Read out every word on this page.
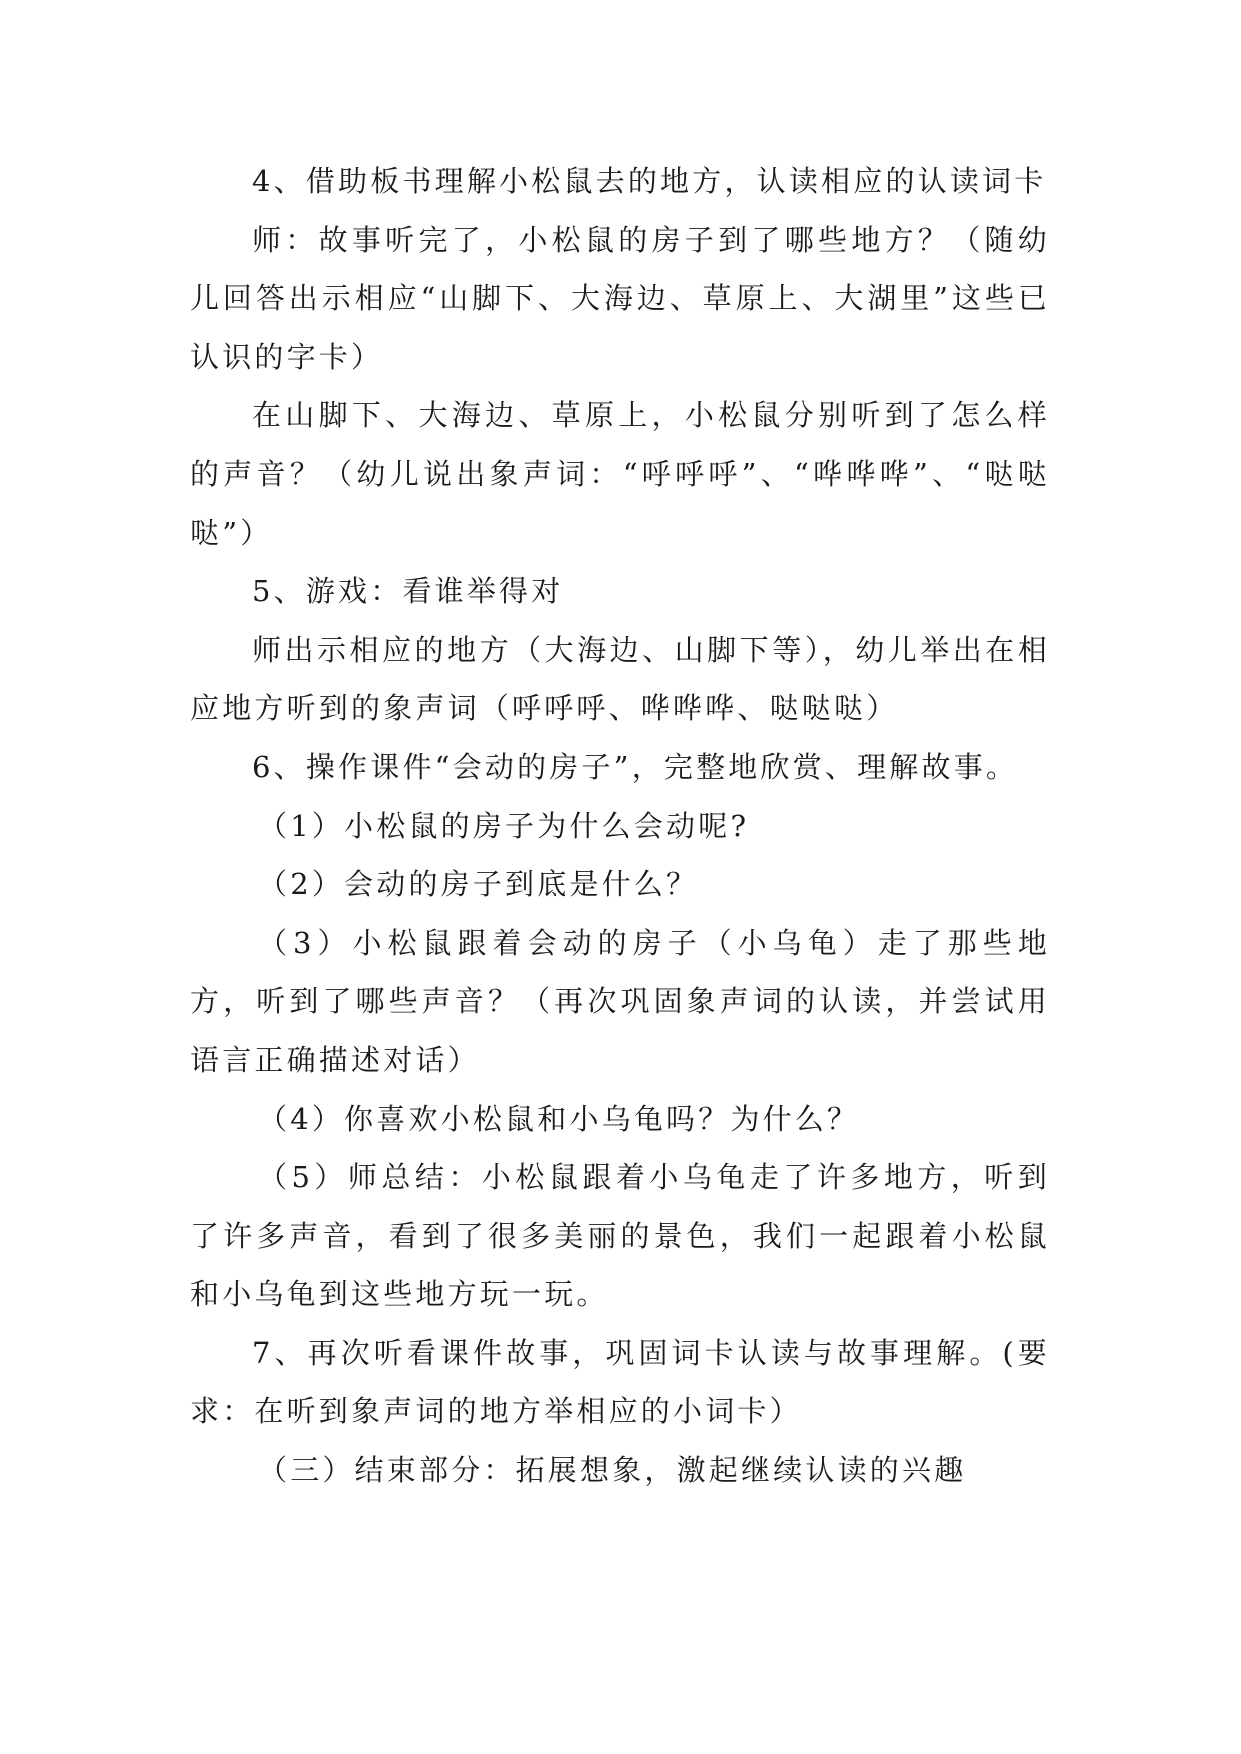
4、借助板书理解小松鼠去的地方，认读相应的认读词卡

师：故事听完了，小松鼠的房子到了哪些地方？（随幼儿回答出示相应“山脚下、大海边、草原上、大湖里”这些已认识的字卡）

在山脚下、大海边、草原上，小松鼠分别听到了怎么样的声音？（幼儿说出象声词：“呼呼呼”、“哗哗哗”、“哒哒哒”）

5、游戏：看谁举得对

师出示相应的地方（大海边、山脚下等），幼儿举出在相应地方听到的象声词（呼呼呼、哗哗哗、哒哒哒）

6、操作课件“会动的房子”，完整地欣赏、理解故事。

（1）小松鼠的房子为什么会动呢?

（2）会动的房子到底是什么？

（3）小松鼠跟着会动的房子（小乌龟）走了那些地方，听到了哪些声音？（再次巩固象声词的认读，并尝试用语言正确描述对话）

（4）你喜欢小松鼠和小乌龟吗？为什么？

（5）师总结：小松鼠跟着小乌龟走了许多地方，听到了许多声音，看到了很多美丽的景色，我们一起跟着小松鼠和小乌龟到这些地方玩一玩。

7、再次听看课件故事，巩固词卡认读与故事理解。(要求：在听到象声词的地方举相应的小词卡）

（三）结束部分：拓展想象，激起继续认读的兴趣
